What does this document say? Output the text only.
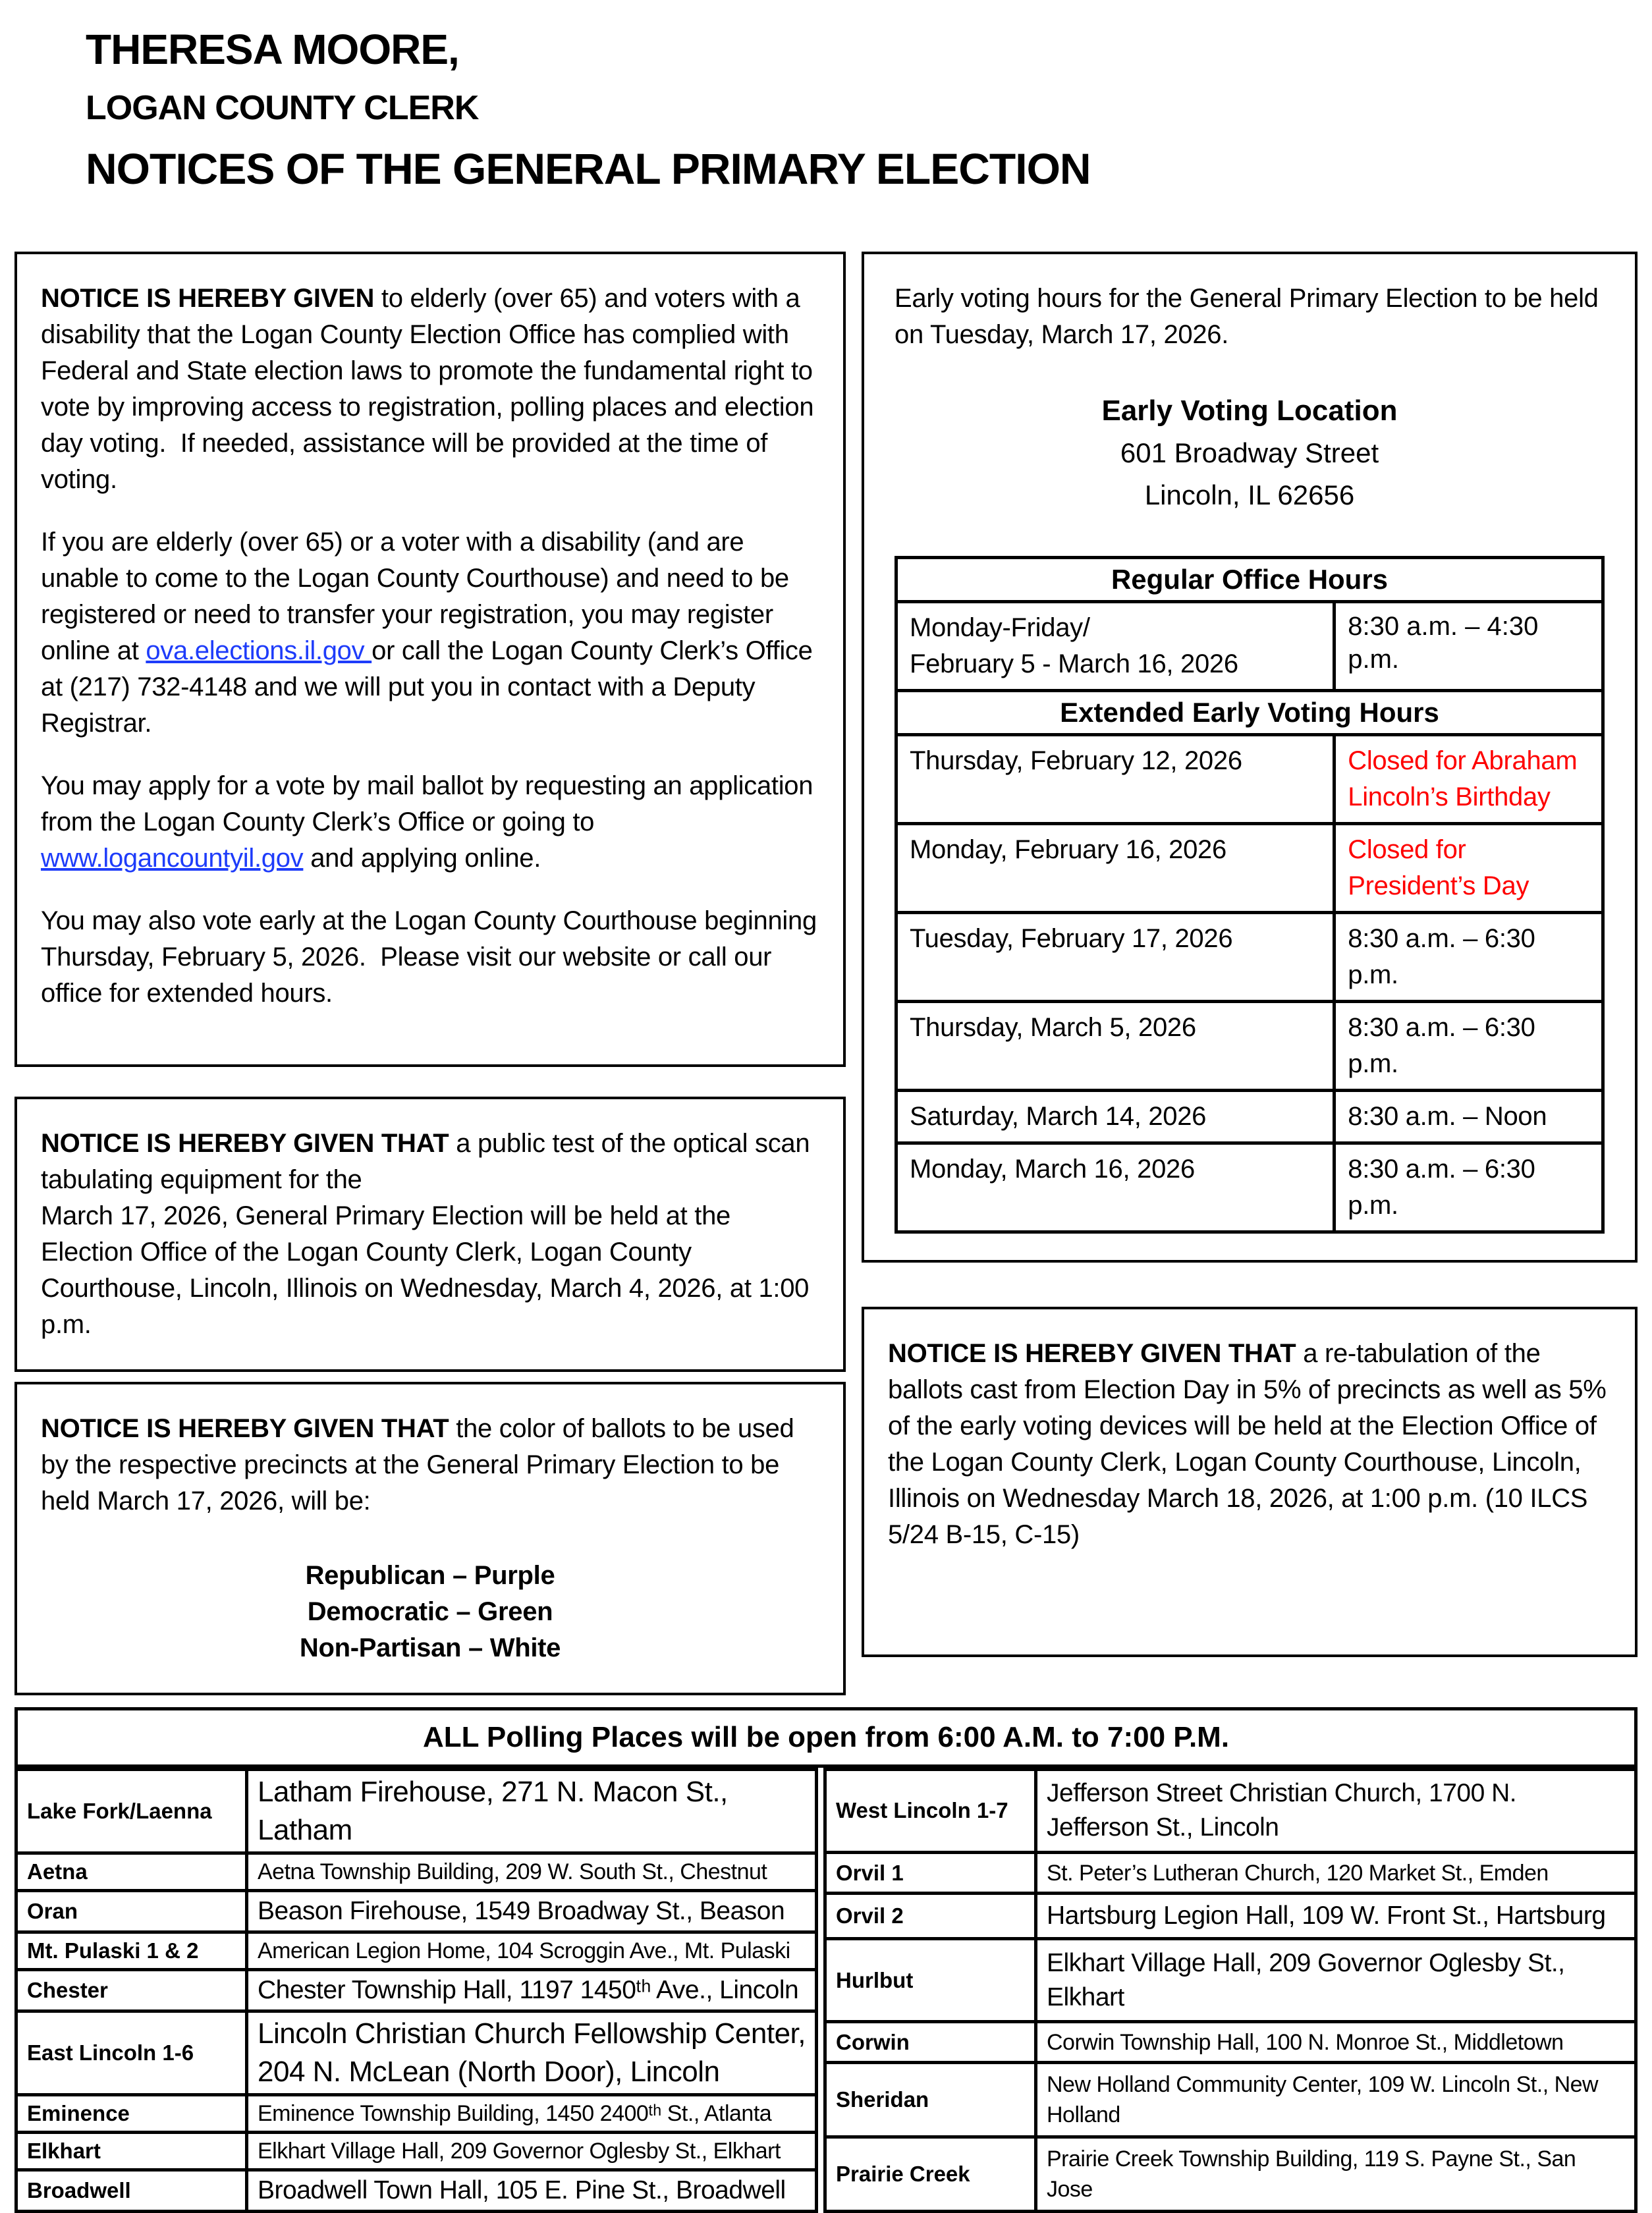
THERESA MOORE,
LOGAN COUNTY CLERK
NOTICES OF THE GENERAL PRIMARY ELECTION

NOTICE IS HEREBY GIVEN to elderly (over 65) and voters with a disability that the Logan County Election Office has complied with Federal and State election laws to promote the fundamental right to vote by improving access to registration, polling places and election day voting.  If needed, assistance will be provided at the time of voting.

If you are elderly (over 65) or a voter with a disability (and are unable to come to the Logan County Courthouse) and need to be registered or need to transfer your registration, you may register online at ova.elections.il.gov or call the Logan County Clerk’s Office at (217) 732-4148 and we will put you in contact with a Deputy Registrar.

You may apply for a vote by mail ballot by requesting an application from the Logan County Clerk’s Office or going to www.logancountyil.gov and applying online.

You may also vote early at the Logan County Courthouse beginning Thursday, February 5, 2026.  Please visit our website or call our office for extended hours.

NOTICE IS HEREBY GIVEN THAT a public test of the optical scan tabulating equipment for the
March 17, 2026, General Primary Election will be held at the Election Office of the Logan County Clerk, Logan County Courthouse, Lincoln, Illinois on Wednesday, March 4, 2026, at 1:00 p.m.

NOTICE IS HEREBY GIVEN THAT the color of ballots to be used by the respective precincts at the General Primary Election to be held March 17, 2026, will be:

Republican – Purple
Democratic – Green
Non-Partisan – White

Early voting hours for the General Primary Election to be held on Tuesday, March 17, 2026.

Early Voting Location
601 Broadway Street
Lincoln, IL 62656
Regular Office Hours	
Monday-Friday/
February 5 - March 16, 2026	8:30 a.m. – 4:30 p.m.
Extended Early Voting Hours	
Thursday, February 12, 2026	Closed for Abraham Lincoln’s Birthday
Monday, February 16, 2026	Closed for President’s Day
Tuesday, February 17, 2026	8:30 a.m. – 6:30 p.m.
Thursday, March 5, 2026	8:30 a.m. – 6:30 p.m.
Saturday, March 14, 2026	8:30 a.m. – Noon
Monday, March 16, 2026	8:30 a.m. – 6:30 p.m.

NOTICE IS HEREBY GIVEN THAT a re-tabulation of the ballots cast from Election Day in 5% of precincts as well as 5% of the early voting devices will be held at the Election Office of the Logan County Clerk, Logan County Courthouse, Lincoln, Illinois on Wednesday March 18, 2026, at 1:00 p.m. (10 ILCS 5/24 B-15, C-15)

ALL Polling Places will be open from 6:00 A.M. to 7:00 P.M.
Lake Fork/Laenna	Latham Firehouse, 271 N. Macon St., Latham
Aetna	Aetna Township Building, 209 W. South St., Chestnut
Oran	Beason Firehouse, 1549 Broadway St., Beason
Mt. Pulaski 1 & 2	American Legion Home, 104 Scroggin Ave., Mt. Pulaski
Chester	Chester Township Hall, 1197 1450ᵗʰ Ave., Lincoln
East Lincoln 1-6	Lincoln Christian Church Fellowship Center, 204 N. McLean (North Door), Lincoln
Eminence	Eminence Township Building, 1450 2400ᵗʰ St., Atlanta
Elkhart	Elkhart Village Hall, 209 Governor Oglesby St., Elkhart
Broadwell	Broadwell Town Hall, 105 E. Pine St., Broadwell
West Lincoln 1-7	Jefferson Street Christian Church, 1700 N. Jefferson St., Lincoln
Orvil 1	St. Peter’s Lutheran Church, 120 Market St., Emden
Orvil 2	Hartsburg Legion Hall, 109 W. Front St., Hartsburg
Hurlbut	Elkhart Village Hall, 209 Governor Oglesby St., Elkhart
Corwin	Corwin Township Hall, 100 N. Monroe St., Middletown
Sheridan	New Holland Community Center, 109 W. Lincoln St., New Holland
Prairie Creek	Prairie Creek Township Building, 119 S. Payne St., San Jose
